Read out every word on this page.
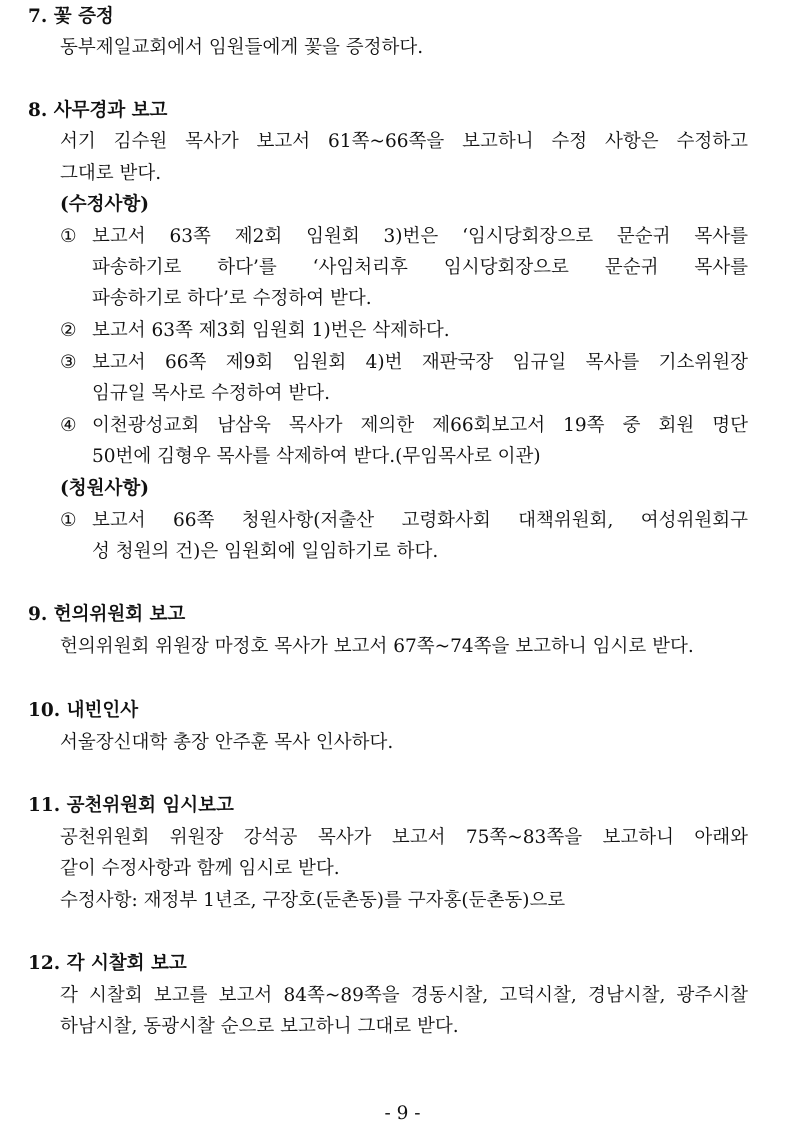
7. 꽃 증정
동부제일교회에서 임원들에게 꽃을 증정하다.
8. 사무경과 보고
서기 김수원 목사가 보고서 61쪽~66쪽을 보고하니 수정 사항은 수정하고
그대로 받다.
(수정사항)
① 보고서 63쪽 제2회 임원회 3)번은 ‘임시당회장으로 문순귀 목사를
파송하기로 하다’를 ‘사임처리후 임시당회장으로 문순귀 목사를
파송하기로 하다’로 수정하여 받다.
② 보고서 63쪽 제3회 임원회 1)번은 삭제하다.
③ 보고서 66쪽 제9회 임원회 4)번 재판국장 임규일 목사를 기소위원장
임규일 목사로 수정하여 받다.
④ 이천광성교회 남삼욱 목사가 제의한 제66회보고서 19쪽 중 회원 명단
50번에 김형우 목사를 삭제하여 받다.(무임목사로 이관)
(청원사항)
① 보고서 66쪽 청원사항(저출산 고령화사회 대책위원회, 여성위원회구
성 청원의 건)은 임원회에 일임하기로 하다.
9. 헌의위원회 보고
헌의위원회 위원장 마정호 목사가 보고서 67쪽~74쪽을 보고하니 임시로 받다.
10. 내빈인사
서울장신대학 총장 안주훈 목사 인사하다.
11. 공천위원회 임시보고
공천위원회 위원장 강석공 목사가 보고서 75쪽~83쪽을 보고하니 아래와
같이 수정사항과 함께 임시로 받다.
수정사항: 재정부 1년조, 구장호(둔촌동)를 구자홍(둔촌동)으로
12. 각 시찰회 보고
각 시찰회 보고를 보고서 84쪽~89쪽을 경동시찰, 고덕시찰, 경남시찰, 광주시찰
하남시찰, 동광시찰 순으로 보고하니 그대로 받다.
- 9 -
